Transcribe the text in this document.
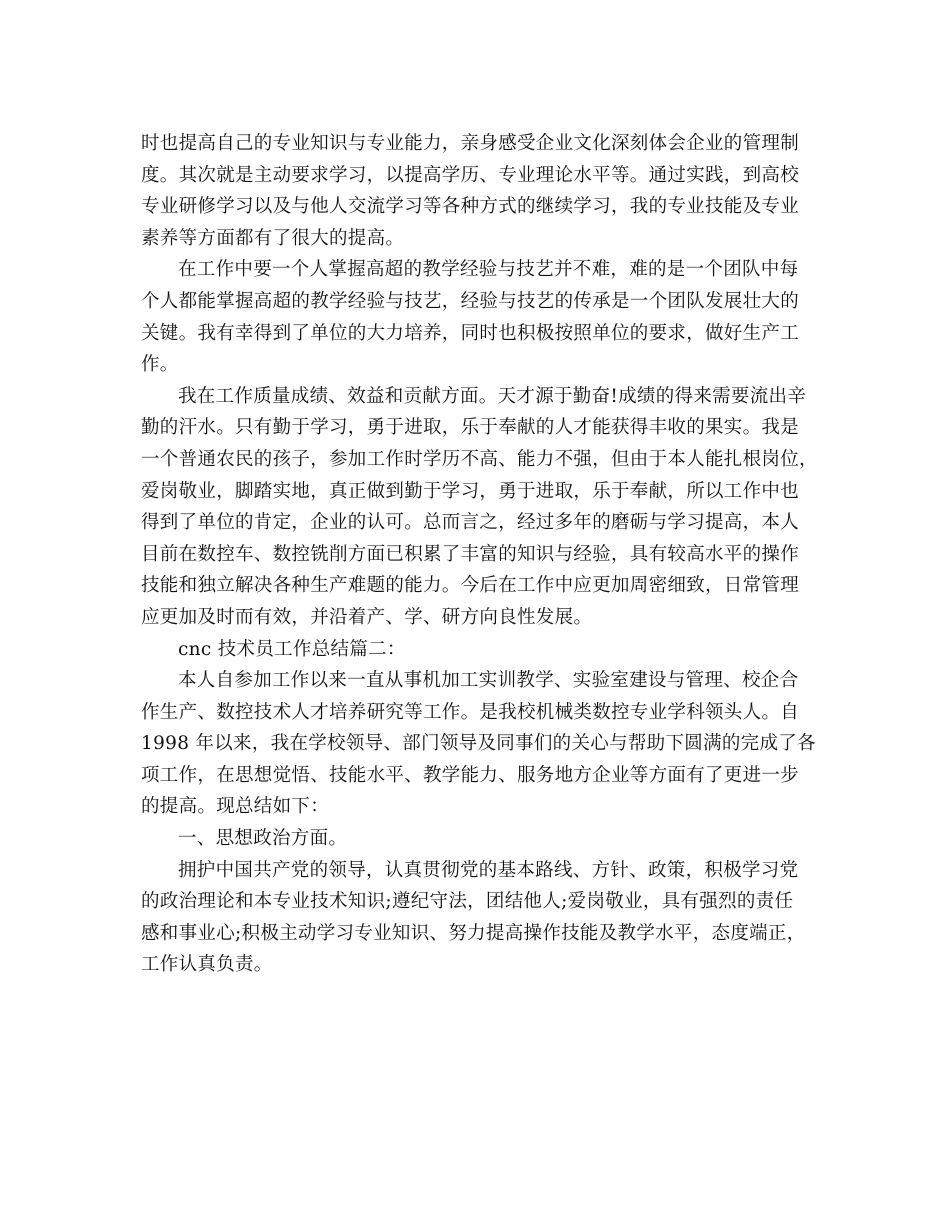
时也提高自己的专业知识与专业能力，亲身感受企业文化深刻体会企业的管理制
度。其次就是主动要求学习，以提高学历、专业理论水平等。通过实践，到高校
专业研修学习以及与他人交流学习等各种方式的继续学习，我的专业技能及专业
素养等方面都有了很大的提高。
在工作中要一个人掌握高超的教学经验与技艺并不难，难的是一个团队中每
个人都能掌握高超的教学经验与技艺，经验与技艺的传承是一个团队发展壮大的
关键。我有幸得到了单位的大力培养，同时也积极按照单位的要求，做好生产工
作。
我在工作质量成绩、效益和贡献方面。天才源于勤奋!成绩的得来需要流出辛
勤的汗水。只有勤于学习，勇于进取，乐于奉献的人才能获得丰收的果实。我是
一个普通农民的孩子，参加工作时学历不高、能力不强，但由于本人能扎根岗位，
爱岗敬业，脚踏实地，真正做到勤于学习，勇于进取，乐于奉献，所以工作中也
得到了单位的肯定，企业的认可。总而言之，经过多年的磨砺与学习提高，本人
目前在数控车、数控铣削方面已积累了丰富的知识与经验，具有较高水平的操作
技能和独立解决各种生产难题的能力。今后在工作中应更加周密细致，日常管理
应更加及时而有效，并沿着产、学、研方向良性发展。
cnc 技术员工作总结篇二：
本人自参加工作以来一直从事机加工实训教学、实验室建设与管理、校企合
作生产、数控技术人才培养研究等工作。是我校机械类数控专业学科领头人。自
1998 年以来，我在学校领导、部门领导及同事们的关心与帮助下圆满的完成了各
项工作，在思想觉悟、技能水平、教学能力、服务地方企业等方面有了更进一步
的提高。现总结如下：
一、思想政治方面。
拥护中国共产党的领导，认真贯彻党的基本路线、方针、政策，积极学习党
的政治理论和本专业技术知识;遵纪守法，团结他人;爱岗敬业，具有强烈的责任
感和事业心;积极主动学习专业知识、努力提高操作技能及教学水平，态度端正，
工作认真负责。
